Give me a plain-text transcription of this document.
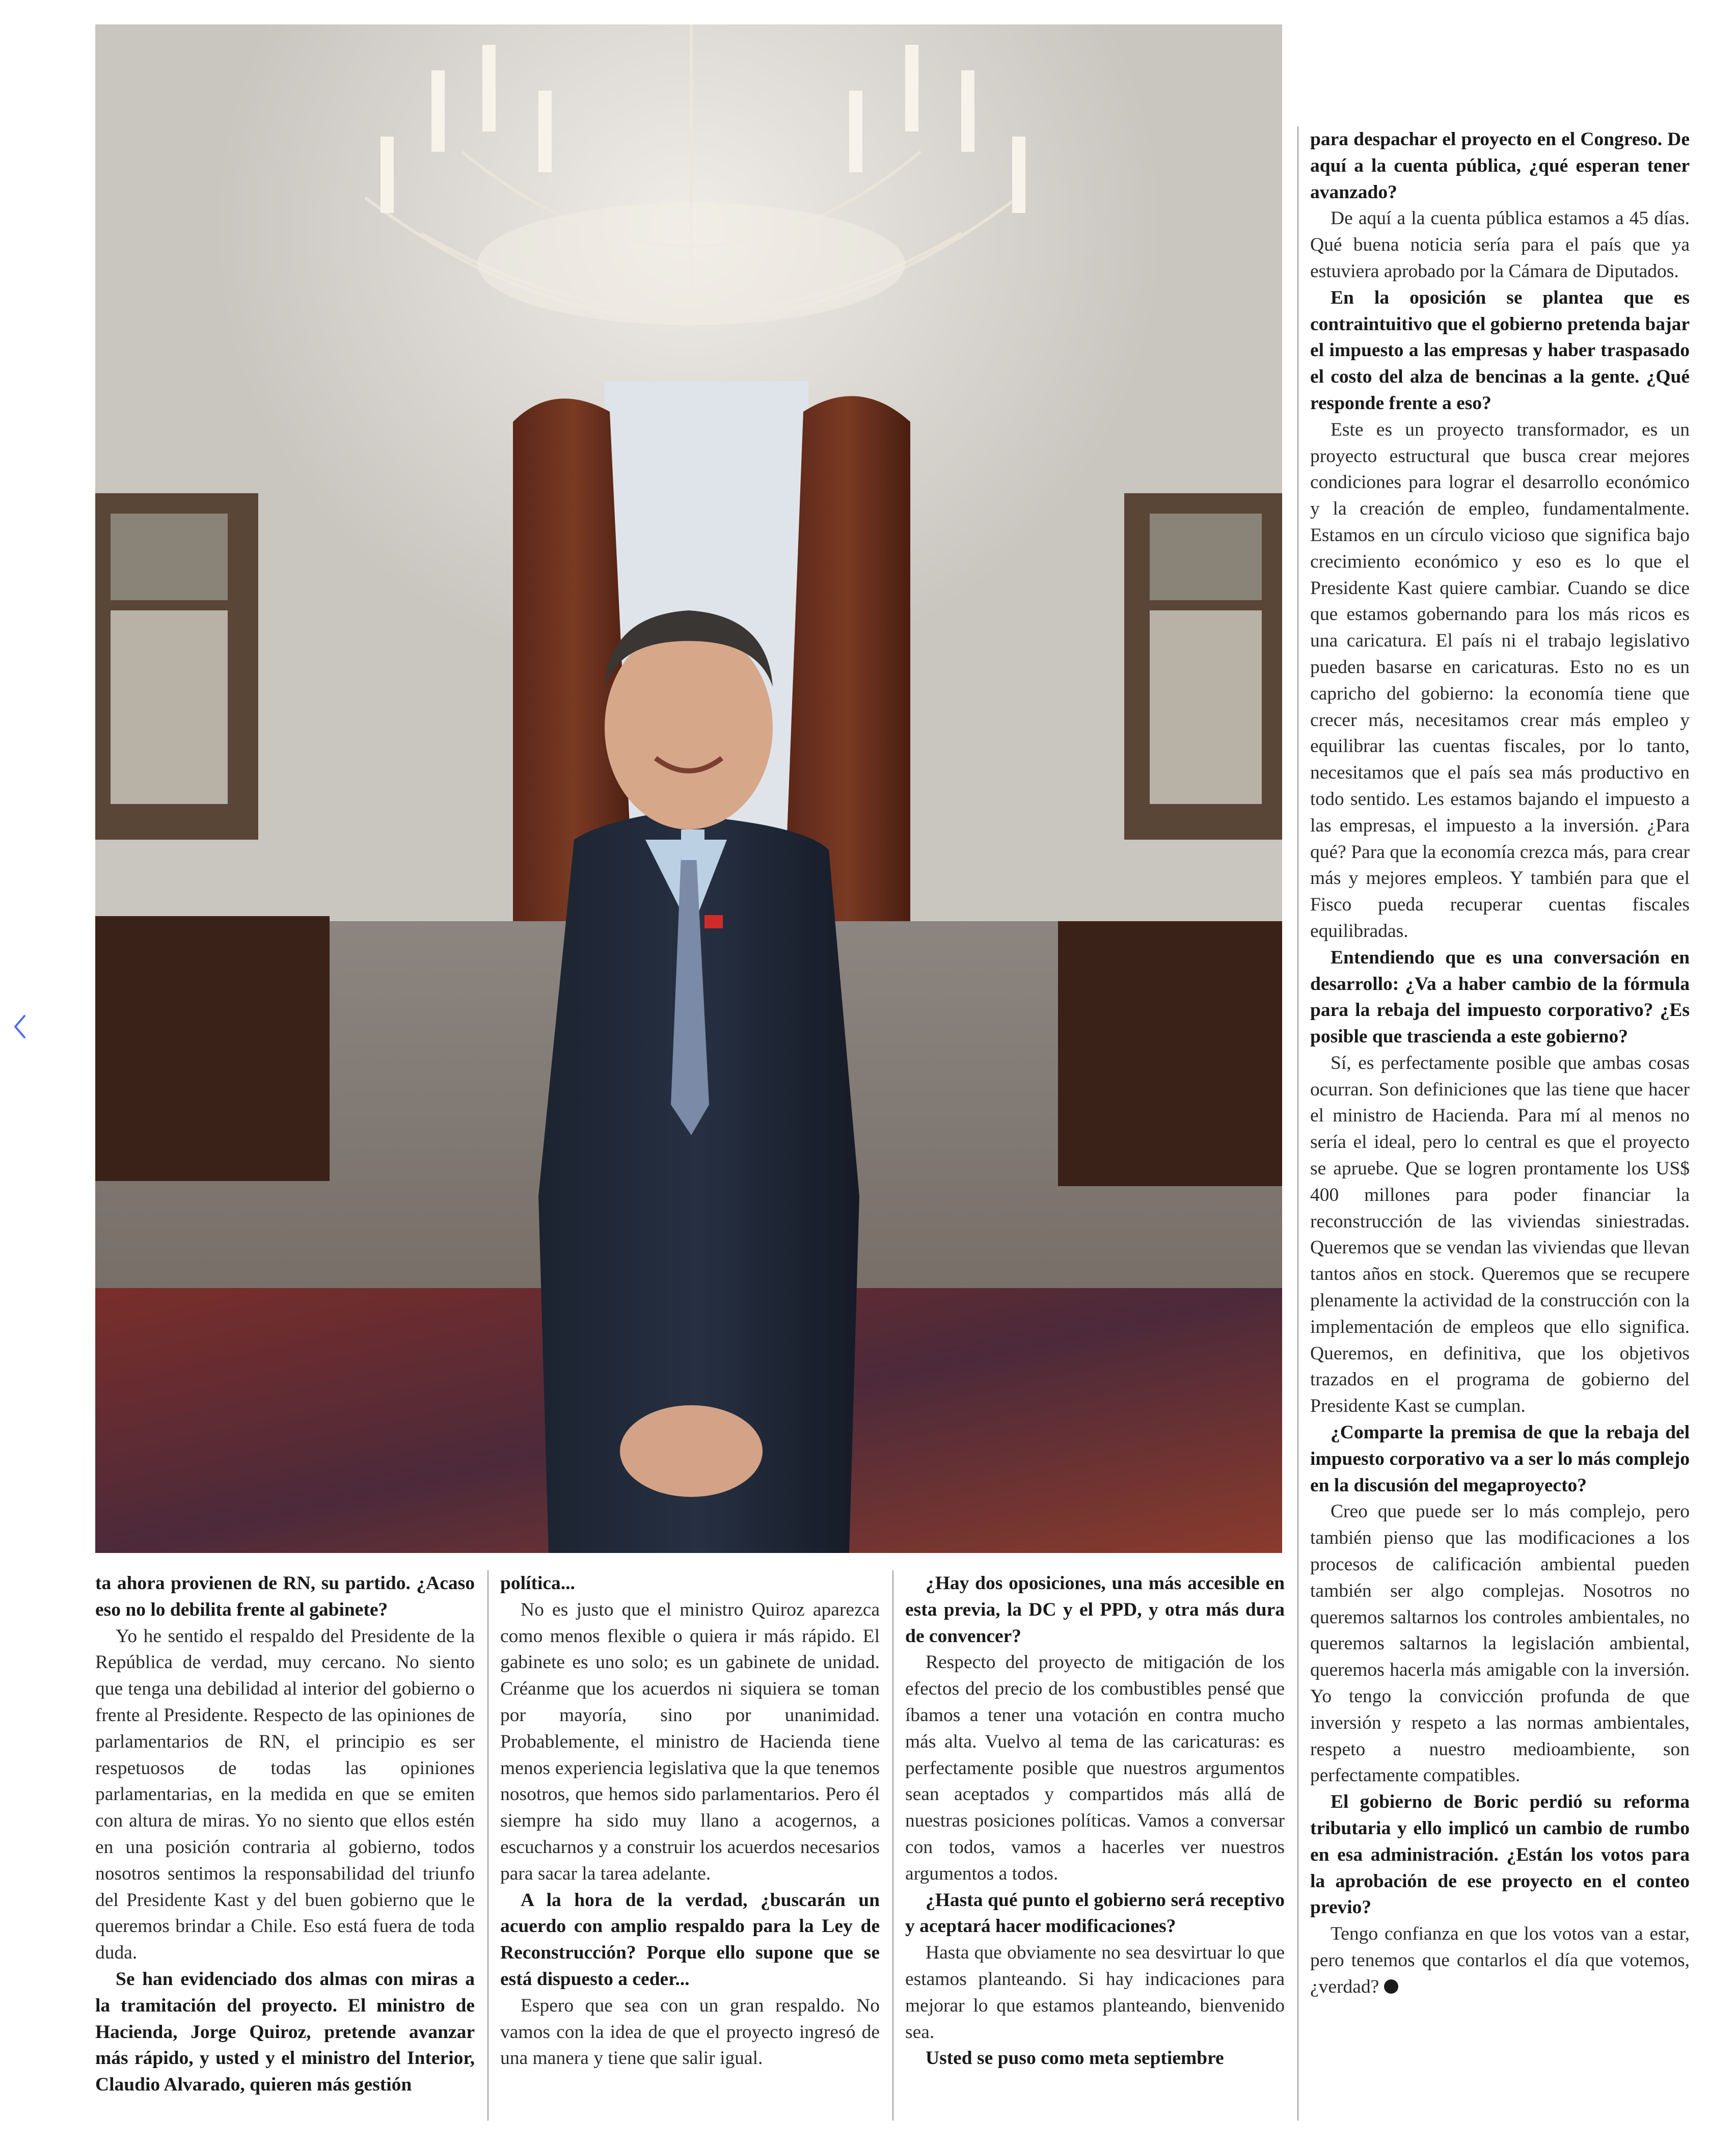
ta ahora provienen de RN, su partido. ¿Acaso eso no lo debilita frente al gabinete?

Yo he sentido el respaldo del Presidente de la República de verdad, muy cercano. No siento que tenga una debilidad al interior del gobierno o frente al Presidente. Respecto de las opiniones de parlamentarios de RN, el principio es ser respetuosos de todas las opiniones parlamentarias, en la medida en que se emiten con altura de miras. Yo no siento que ellos estén en una posición contraria al gobierno, todos nosotros sentimos la responsabilidad del triunfo del Presidente Kast y del buen gobierno que le queremos brindar a Chile. Eso está fuera de toda duda.

Se han evidenciado dos almas con miras a la tramitación del proyecto. El ministro de Hacienda, Jorge Quiroz, pretende avanzar más rápido, y usted y el ministro del Interior, Claudio Alvarado, quieren más gestión

política...

No es justo que el ministro Quiroz aparezca como menos flexible o quiera ir más rápido. El gabinete es uno solo; es un gabinete de unidad. Créanme que los acuerdos ni siquiera se toman por mayoría, sino por unanimidad. Probablemente, el ministro de Hacienda tiene menos experiencia legislativa que la que tenemos nosotros, que hemos sido parlamentarios. Pero él siempre ha sido muy llano a acogernos, a escucharnos y a construir los acuerdos necesarios para sacar la tarea adelante.

A la hora de la verdad, ¿buscarán un acuerdo con amplio respaldo para la Ley de Reconstrucción? Porque ello supone que se está dispuesto a ceder...

Espero que sea con un gran respaldo. No vamos con la idea de que el proyecto ingresó de una manera y tiene que salir igual.

¿Hay dos oposiciones, una más accesible en esta previa, la DC y el PPD, y otra más dura de convencer?

Respecto del proyecto de mitigación de los efectos del precio de los combustibles pensé que íbamos a tener una votación en contra mucho más alta. Vuelvo al tema de las caricaturas: es perfectamente posible que nuestros argumentos sean aceptados y compartidos más allá de nuestras posiciones políticas. Vamos a conversar con todos, vamos a hacerles ver nuestros argumentos a todos.

¿Hasta qué punto el gobierno será receptivo y aceptará hacer modificaciones?

Hasta que obviamente no sea desvirtuar lo que estamos planteando. Si hay indicaciones para mejorar lo que estamos planteando, bienvenido sea.

Usted se puso como meta septiembre

para despachar el proyecto en el Congreso. De aquí a la cuenta pública, ¿qué esperan tener avanzado?

De aquí a la cuenta pública estamos a 45 días. Qué buena noticia sería para el país que ya estuviera aprobado por la Cámara de Diputados.

En la oposición se plantea que es contraintuitivo que el gobierno pretenda bajar el impuesto a las empresas y haber traspasado el costo del alza de bencinas a la gente. ¿Qué responde frente a eso?

Este es un proyecto transformador, es un proyecto estructural que busca crear mejores condiciones para lograr el desarrollo económico y la creación de empleo, fundamentalmente. Estamos en un círculo vicioso que significa bajo crecimiento económico y eso es lo que el Presidente Kast quiere cambiar. Cuando se dice que estamos gobernando para los más ricos es una caricatura. El país ni el trabajo legislativo pueden basarse en caricaturas. Esto no es un capricho del gobierno: la economía tiene que crecer más, necesitamos crear más empleo y equilibrar las cuentas fiscales, por lo tanto, necesitamos que el país sea más productivo en todo sentido. Les estamos bajando el impuesto a las empresas, el impuesto a la inversión. ¿Para qué? Para que la economía crezca más, para crear más y mejores empleos. Y también para que el Fisco pueda recuperar cuentas fiscales equilibradas.

Entendiendo que es una conversación en desarrollo: ¿Va a haber cambio de la fórmula para la rebaja del impuesto corporativo? ¿Es posible que trascienda a este gobierno?

Sí, es perfectamente posible que ambas cosas ocurran. Son definiciones que las tiene que hacer el ministro de Hacienda. Para mí al menos no sería el ideal, pero lo central es que el proyecto se apruebe. Que se logren prontamente los US$ 400 millones para poder financiar la reconstrucción de las viviendas siniestradas. Queremos que se vendan las viviendas que llevan tantos años en stock. Queremos que se recupere plenamente la actividad de la construcción con la implementación de empleos que ello significa. Queremos, en definitiva, que los objetivos trazados en el programa de gobierno del Presidente Kast se cumplan.

¿Comparte la premisa de que la rebaja del impuesto corporativo va a ser lo más complejo en la discusión del megaproyecto?

Creo que puede ser lo más complejo, pero también pienso que las modificaciones a los procesos de calificación ambiental pueden también ser algo complejas. Nosotros no queremos saltarnos los controles ambientales, no queremos saltarnos la legislación ambiental, queremos hacerla más amigable con la inversión. Yo tengo la convicción profunda de que inversión y respeto a las normas ambientales, respeto a nuestro medioambiente, son perfectamente compatibles.

El gobierno de Boric perdió su reforma tributaria y ello implicó un cambio de rumbo en esa administración. ¿Están los votos para la aprobación de ese proyecto en el conteo previo?

Tengo confianza en que los votos van a estar, pero tenemos que contarlos el día que votemos, ¿verdad?
